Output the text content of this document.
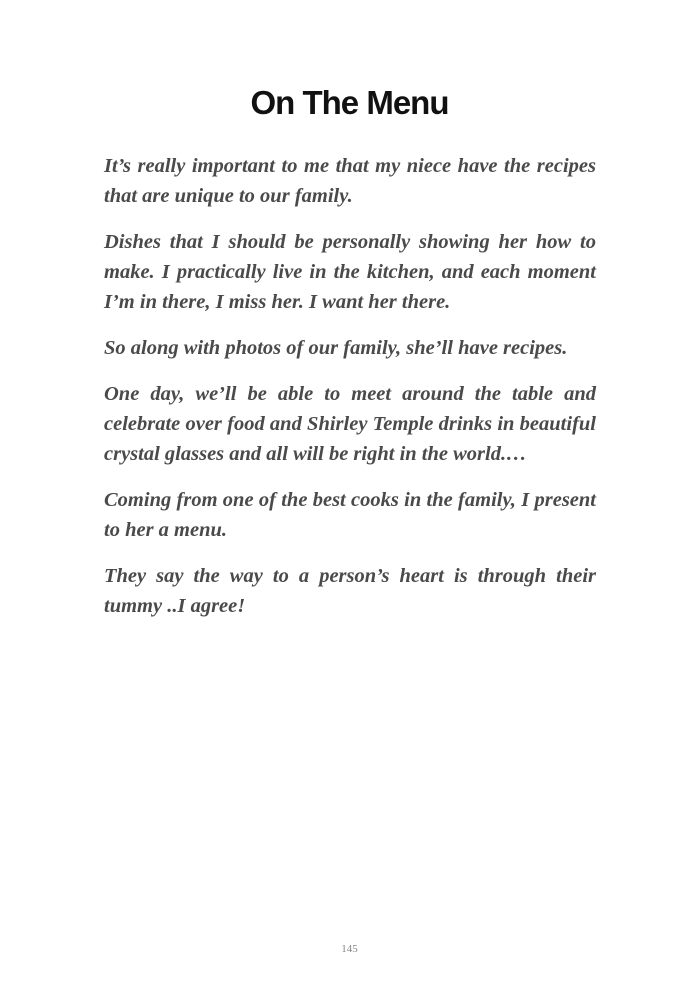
On The Menu

It’s really important to me that my niece have the recipes that are unique to our family.

Dishes that I should be personally showing her how to make. I practically live in the kitchen, and each moment I’m in there, I miss her. I want her there.

So along with photos of our family, she’ll have recipes.

One day, we’ll be able to meet around the table and celebrate over food and Shirley Temple drinks in beautiful crystal glasses and all will be right in the world.…

Coming from one of the best cooks in the family, I present to her a menu.

They say the way to a person’s heart is through their tummy ..I agree!

145
